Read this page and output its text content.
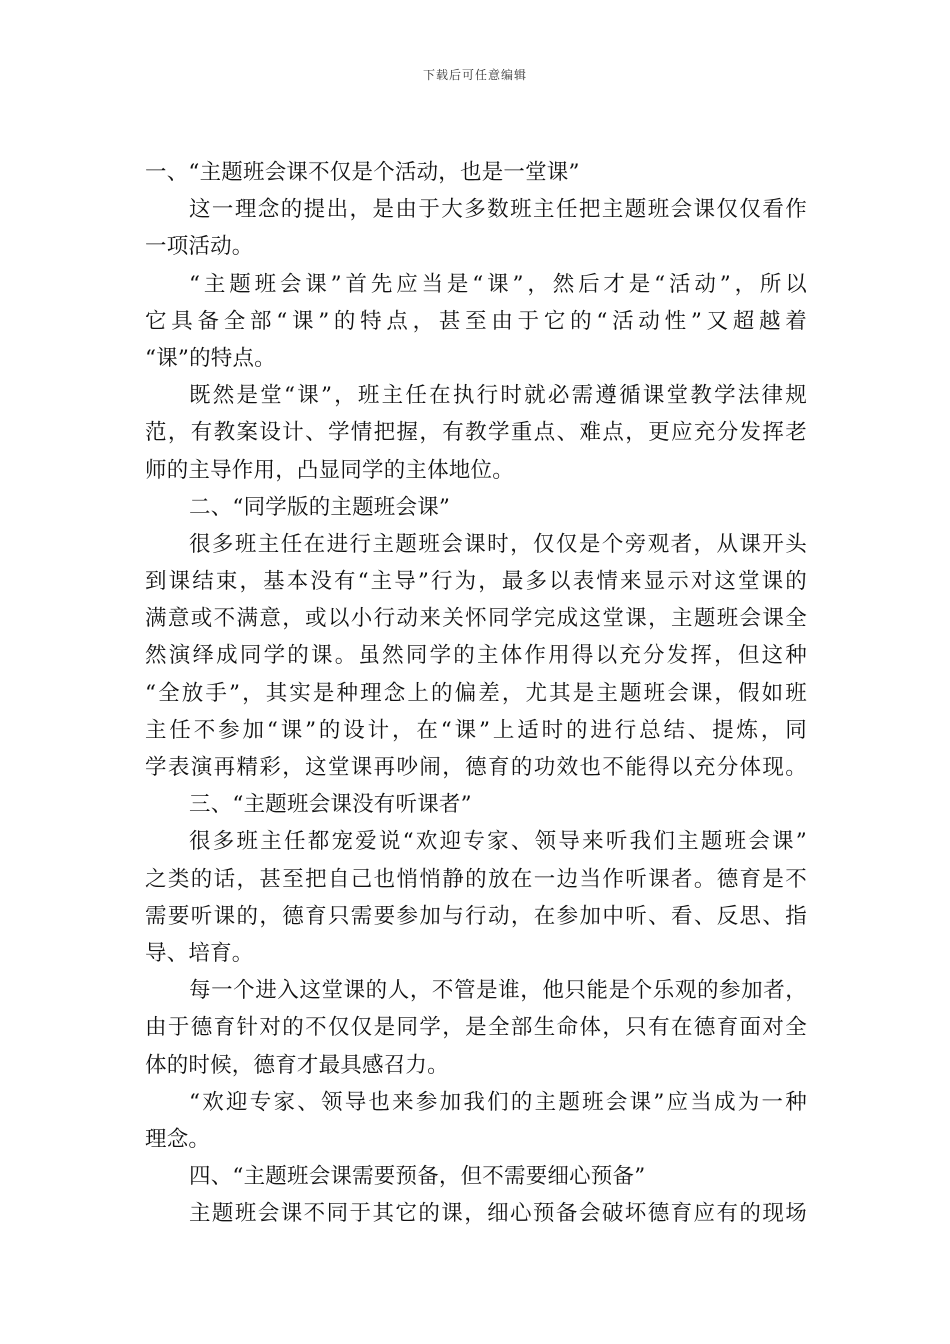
下载后可任意编辑
一、“主题班会课不仅是个活动，也是一堂课”
这一理念的提出，是由于大多数班主任把主题班会课仅仅看作
一项活动。
“主题班会课”首先应当是“课”，然后才是“活动”，所以
它具备全部“课”的特点，甚至由于它的“活动性”又超越着
“课”的特点。
既然是堂“课”，班主任在执行时就必需遵循课堂教学法律规
范，有教案设计、学情把握，有教学重点、难点，更应充分发挥老
师的主导作用，凸显同学的主体地位。
二、“同学版的主题班会课”
很多班主任在进行主题班会课时，仅仅是个旁观者，从课开头
到课结束，基本没有“主导”行为，最多以表情来显示对这堂课的
满意或不满意，或以小行动来关怀同学完成这堂课，主题班会课全
然演绎成同学的课。虽然同学的主体作用得以充分发挥，但这种
“全放手”，其实是种理念上的偏差，尤其是主题班会课，假如班
主任不参加“课”的设计，在“课”上适时的进行总结、提炼，同
学表演再精彩，这堂课再吵闹，德育的功效也不能得以充分体现。
三、“主题班会课没有听课者”
很多班主任都宠爱说“欢迎专家、领导来听我们主题班会课”
之类的话，甚至把自己也悄悄静的放在一边当作听课者。德育是不
需要听课的，德育只需要参加与行动，在参加中听、看、反思、指
导、培育。
每一个进入这堂课的人，不管是谁，他只能是个乐观的参加者，
由于德育针对的不仅仅是同学，是全部生命体，只有在德育面对全
体的时候，德育才最具感召力。
“欢迎专家、领导也来参加我们的主题班会课”应当成为一种
理念。
四、“主题班会课需要预备，但不需要细心预备”
主题班会课不同于其它的课，细心预备会破坏德育应有的现场
